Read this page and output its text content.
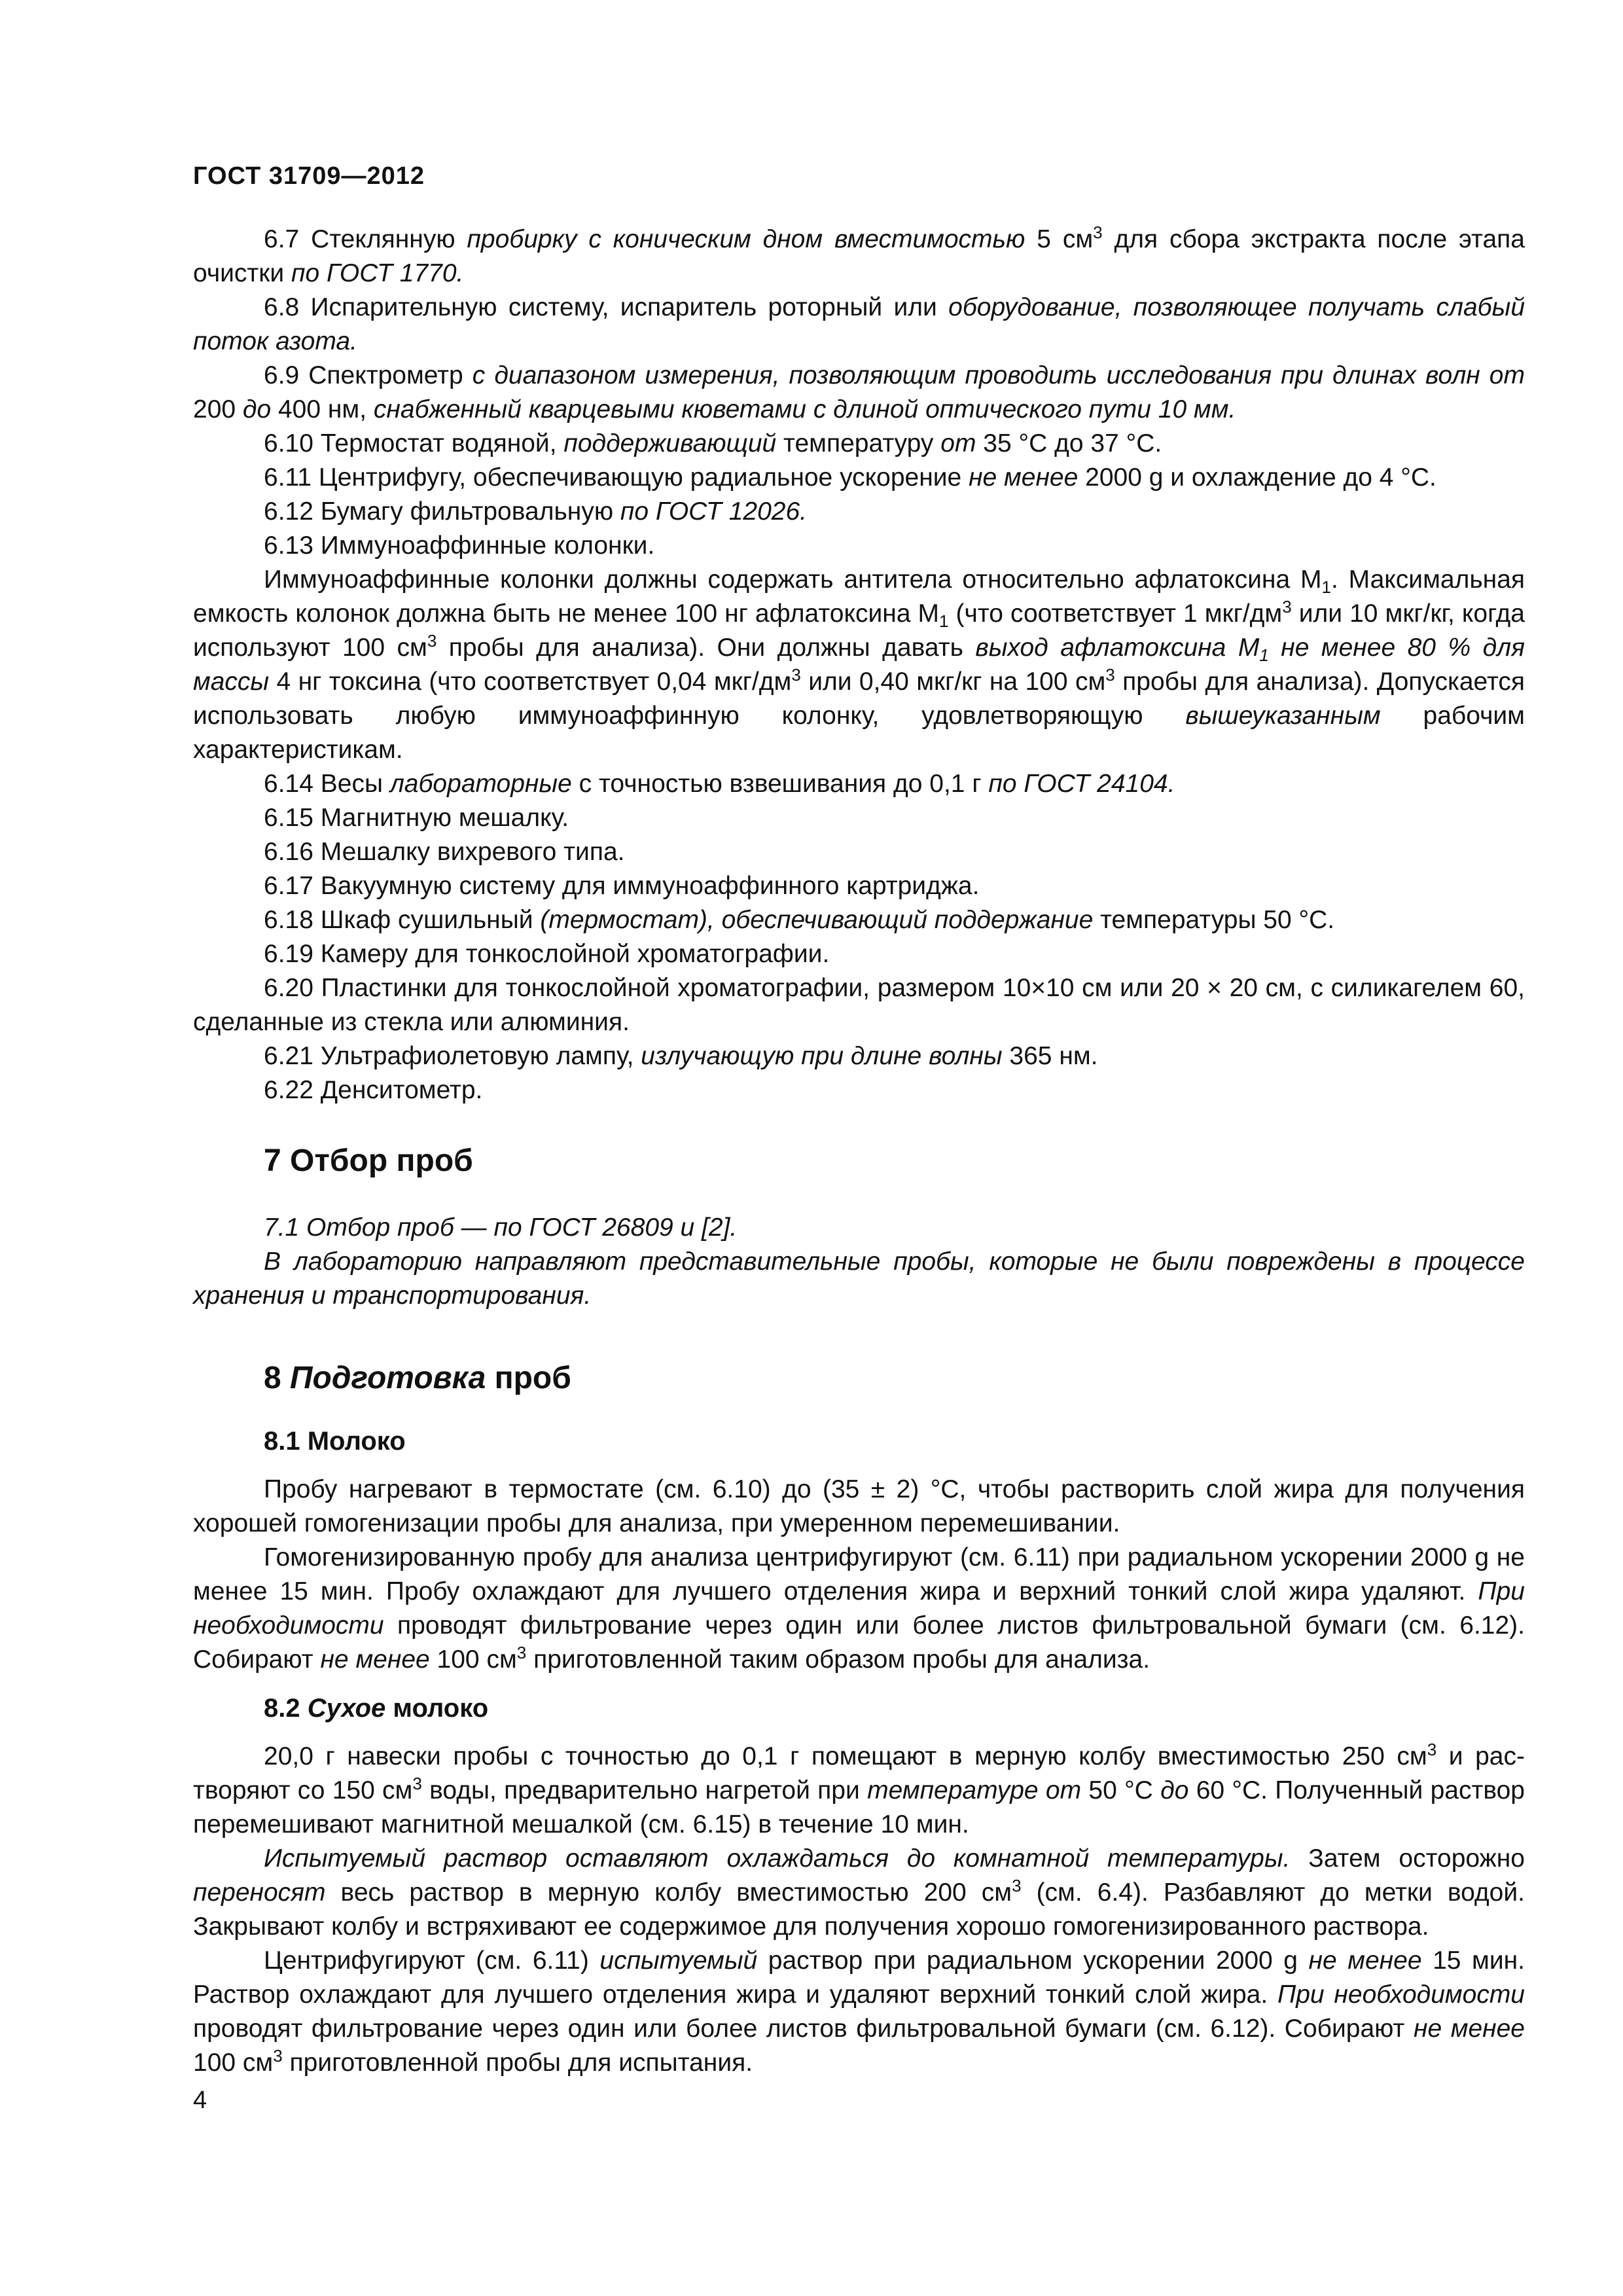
ГОСТ 31709—2012

6.7 Стеклянную пробирку с коническим дном вместимостью 5 $см^3$ для сбора экстракта после этапа очистки по ГОСТ 1770.

6.8 Испарительную систему, испаритель роторный или оборудование, позволяющее получать слабый поток азота.

6.9 Спектрометр с диапазоном измерения, позволяющим проводить исследования при длинах волн от 200 до 400 нм, снабженный кварцевыми кюветами с длиной оптического пути 10 мм.

6.10 Термостат водяной, поддерживающий температуру от 35 °С до 37 °С.

6.11 Центрифугу, обеспечивающую радиальное ускорение не менее 2000 g и охлаждение до 4 °С.

6.12 Бумагу фильтровальную по ГОСТ 12026.

6.13 Иммуноаффинные колонки.

Иммуноаффинные колонки должны содержать антитела относительно афлатоксина $М_1$. Максимальная емкость колонок должна быть не менее 100 нг афлатоксина $М_1$ (что соответствует 1 мкг/$дм^3$ или 10 мкг/кг, когда используют 100 $см^3$ пробы для анализа). Они должны давать выход афлатоксина $М_1$ не менее 80 % для массы 4 нг токсина (что соответствует 0,04 мкг/$дм^3$ или 0,40 мкг/кг на 100 $см^3$ пробы для анализа). Допускается использовать любую иммуноаффинную колонку, удовлетворяющую вышеуказанным рабочим характеристикам.

6.14 Весы лабораторные с точностью взвешивания до 0,1 г по ГОСТ 24104.

6.15 Магнитную мешалку.

6.16 Мешалку вихревого типа.

6.17 Вакуумную систему для иммуноаффинного картриджа.

6.18 Шкаф сушильный (термостат), обеспечивающий поддержание температуры 50 °С.

6.19 Камеру для тонкослойной хроматографии.

6.20 Пластинки для тонкослойной хроматографии, размером 10×10 см или 20 × 20 см, с силикагелем 60, сделанные из стекла или алюминия.

6.21 Ультрафиолетовую лампу, излучающую при длине волны 365 нм.

6.22 Денситометр.

7 Отбор проб

7.1 Отбор проб — по ГОСТ 26809 и [2].

В лабораторию направляют представительные пробы, которые не были повреждены в процессе хранения и транспортирования.

8 Подготовка проб
8.1 Молоко

Пробу нагревают в термостате (см. 6.10) до (35 ± 2) °С, чтобы растворить слой жира для получения хорошей гомогенизации пробы для анализа, при умеренном перемешивании.

Гомогенизированную пробу для анализа центрифугируют (см. 6.11) при радиальном ускорении 2000 g не менее 15 мин. Пробу охлаждают для лучшего отделения жира и верхний тонкий слой жира удаляют. При необходимости проводят фильтрование через один или более листов фильтровальной бумаги (см. 6.12). Собирают не менее 100 $см^3$ приготовленной таким образом пробы для анализа.

8.2 Сухое молоко

20,0 г навески пробы с точностью до 0,1 г помещают в мерную колбу вместимостью 250 $см^3$ и растворяют со 150 $см^3$ воды, предварительно нагретой при температуре от 50 °С до 60 °С. Полученный раствор перемешивают магнитной мешалкой (см. 6.15) в течение 10 мин.

Испытуемый раствор оставляют охлаждаться до комнатной температуры. Затем осторожно переносят весь раствор в мерную колбу вместимостью 200 $см^3$ (см. 6.4). Разбавляют до метки водой. Закрывают колбу и встряхивают ее содержимое для получения хорошо гомогенизированного раствора.

Центрифугируют (см. 6.11) испытуемый раствор при радиальном ускорении 2000 g не менее 15 мин. Раствор охлаждают для лучшего отделения жира и удаляют верхний тонкий слой жира. При необходимости проводят фильтрование через один или более листов фильтровальной бумаги (см. 6.12). Собирают не менее 100 $см^3$ приготовленной пробы для испытания.

4
